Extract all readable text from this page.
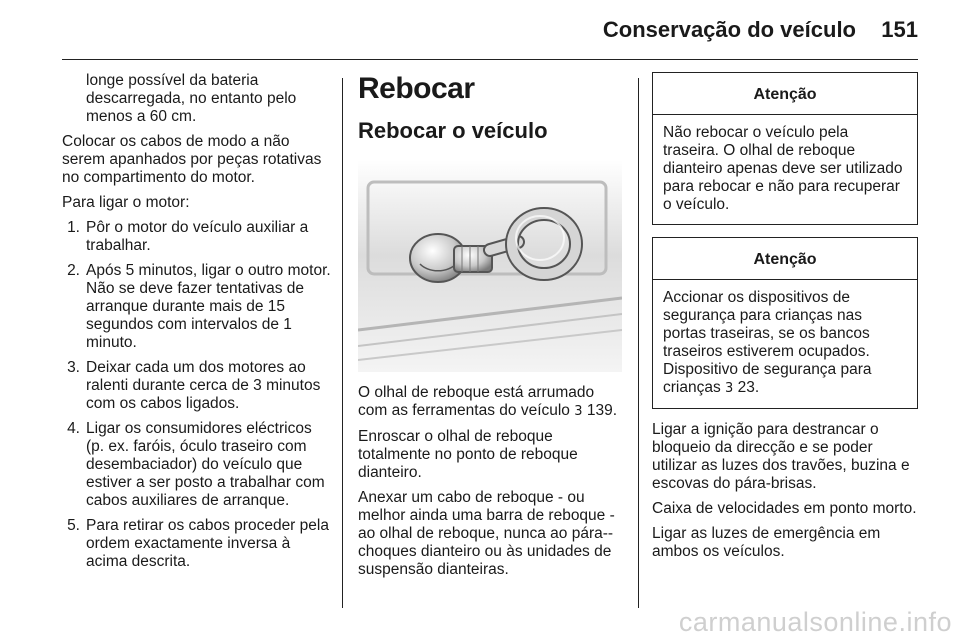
Conservação do veículo 151

longe possível da bateria descarregada, no entanto pelo menos a 60 cm.

Colocar os cabos de modo a não serem apanhados por peças rotativas no compartimento do motor.

Para ligar o motor:

1. Pôr o motor do veículo auxiliar a trabalhar.
2. Após 5 minutos, ligar o outro motor. Não se deve fazer tentativas de arranque durante mais de 15 segundos com intervalos de 1 minuto.
3. Deixar cada um dos motores ao ralenti durante cerca de 3 minutos com os cabos ligados.
4. Ligar os consumidores eléctricos (p. ex. faróis, óculo traseiro com desembaciador) do veículo que estiver a ser posto a trabalhar com cabos auxiliares de arranque.
5. Para retirar os cabos proceder pela ordem exactamente inversa à acima descrita.
Rebocar
Rebocar o veículo

O olhal de reboque está arrumado com as ferramentas do veículo 3 139.

Enroscar o olhal de reboque totalmente no ponto de reboque dianteiro.

Anexar um cabo de reboque - ou melhor ainda uma barra de reboque - ao olhal de reboque, nunca ao pára--choques dianteiro ou às unidades de suspensão dianteiras.

Atenção
Não rebocar o veículo pela traseira. O olhal de reboque dianteiro apenas deve ser utilizado para rebocar e não para recuperar o veículo.
Atenção
Accionar os dispositivos de segurança para crianças nas portas traseiras, se os bancos traseiros estiverem ocupados. Dispositivo de segurança para crianças 3 23.

Ligar a ignição para destrancar o bloqueio da direcção e se poder utilizar as luzes dos travões, buzina e escovas do pára-brisas.

Caixa de velocidades em ponto morto.

Ligar as luzes de emergência em ambos os veículos.

carmanualsonline.info
